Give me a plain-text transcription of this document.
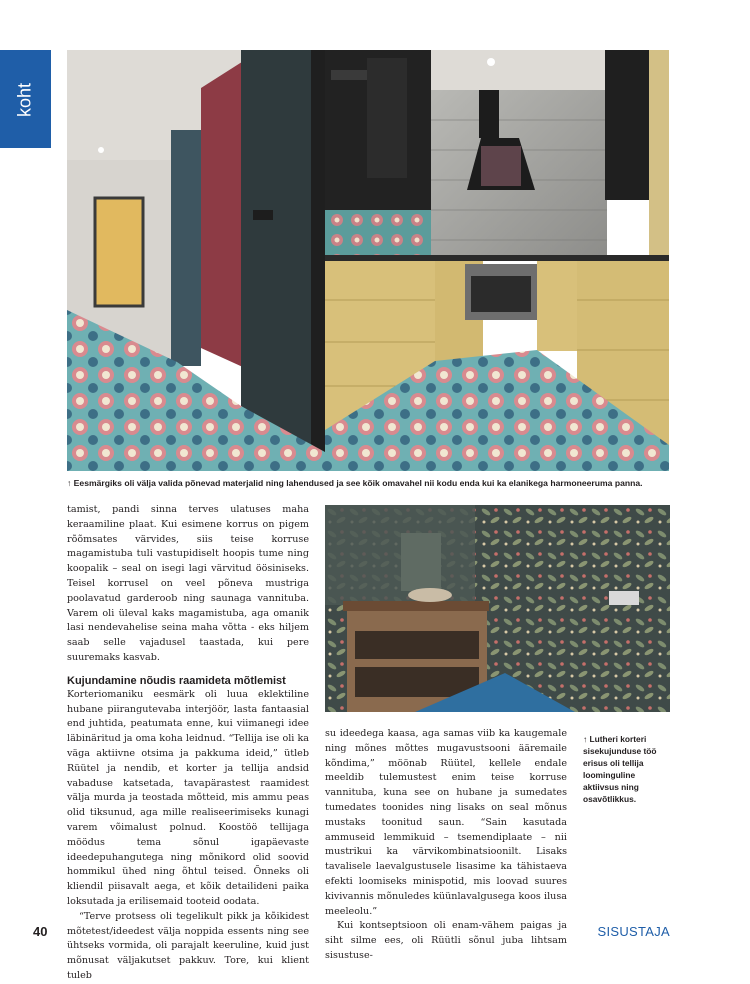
koht
↑ Eesmärgiks oli välja valida põnevad materjalid ning lahendused ja see kõik omavahel nii kodu enda kui ka elanikega harmoneeruma panna.

tamist, pandi sinna terves ulatuses maha keraamiline plaat. Kui esimene korrus on pigem rõõmsates värvides, siis teise korruse magamistuba tuli vastupidiselt hoopis tume ning koopalik – seal on isegi lagi värvitud öösiniseks. Teisel korrusel on veel põneva mustriga poolavatud garderoob ning saunaga vannituba. Varem oli üleval kaks magamistuba, aga omanik lasi nendevahelise seina maha võtta - eks hiljem saab selle vajadusel taastada, kui pere suuremaks kasvab.

Kujundamine nõudis raamideta mõtlemist

Korteriomaniku eesmärk oli luua eklektiline hubane piirangutevaba interjöör, lasta fantaasial end juhtida, peatumata enne, kui viimanegi idee läbinäritud ja oma koha leidnud. “Tellija ise oli ka väga aktiivne otsima ja pakkuma ideid,” ütleb Rüütel ja nendib, et korter ja tellija andsid vabaduse katsetada, tavapärastest raamidest välja murda ja teostada mõtteid, mis ammu peas olid tiksunud, aga mille realiseerimiseks kunagi varem võimalust polnud. Koostöö tellijaga möödus tema sõnul igapäevaste ideedepuhangutega ning mõnikord olid soovid hommikul ühed ning õhtul teised. Õnneks oli kliendil piisavalt aega, et kõik detailideni paika loksutada ja erilisemaid tooteid oodata.

“Terve protsess oli tegelikult pikk ja kõikidest mõtetest/ideedest välja noppida essents ning see ühtseks vormida, oli parajalt keeruline, kuid just mõnusat väljakutset pakkuv. Tore, kui klient tuleb

su ideedega kaasa, aga samas viib ka kaugemale ning mõnes mõttes mugavustsooni ääremaile kõndima,” möönab Rüütel, kellele endale meeldib tulemustest enim teise korruse vannituba, kuna see on hubane ja sumedates tumedates toonides ning lisaks on seal mõnus mustaks toonitud saun. “Sain kasutada ammuseid lemmikuid – tsemendiplaate – nii mustrikui ka värvikombinatsioonilt. Lisaks tavalisele laevalgustusele lisasime ka tähistaeva efekti loomiseks minispotid, mis loovad suures kivivannis mõnuledes küünlavalgusega koos ilusa meeleolu.”

Kui kontseptsioon oli enam-vähem paigas ja siht silme ees, oli Rüütli sõnul juba lihtsam sisustuse-

↑ Lutheri korteri sisekujunduse töö erisus oli tellija loominguline aktiivsus ning osavõtlikkus.
40	SISUSTAJA
